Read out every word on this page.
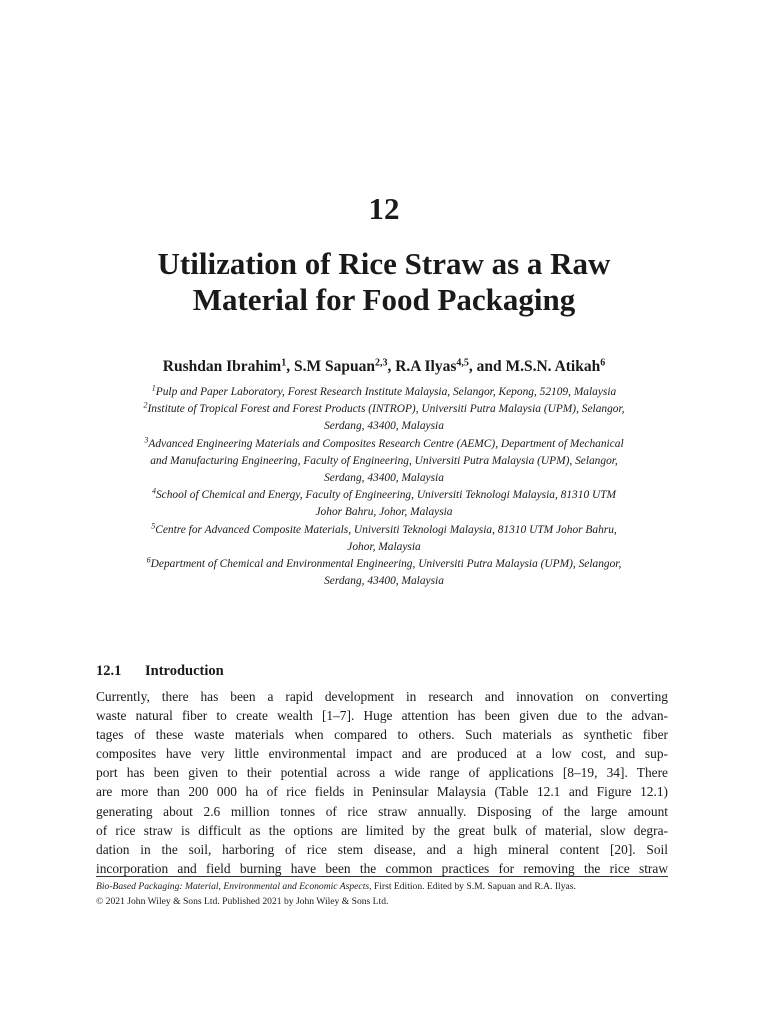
12
Utilization of Rice Straw as a Raw
Material for Food Packaging
Rushdan Ibrahim$^1$, S.M Sapuan$^{2,3}$, R.A Ilyas$^{4,5}$, and M.S.N. Atikah$^6$
$^1$Pulp and Paper Laboratory, Forest Research Institute Malaysia, Selangor, Kepong, 52109, Malaysia
$^2$Institute of Tropical Forest and Forest Products (INTROP), Universiti Putra Malaysia (UPM), Selangor,
Serdang, 43400, Malaysia
$^3$Advanced Engineering Materials and Composites Research Centre (AEMC), Department of Mechanical
and Manufacturing Engineering, Faculty of Engineering, Universiti Putra Malaysia (UPM), Selangor,
Serdang, 43400, Malaysia
$^4$School of Chemical and Energy, Faculty of Engineering, Universiti Teknologi Malaysia, 81310 UTM
Johor Bahru, Johor, Malaysia
$^5$Centre for Advanced Composite Materials, Universiti Teknologi Malaysia, 81310 UTM Johor Bahru,
Johor, Malaysia
$^6$Department of Chemical and Environmental Engineering, Universiti Putra Malaysia (UPM), Selangor,
Serdang, 43400, Malaysia
12.1 Introduction
Currently, there has been a rapid development in research and innovation on converting
waste natural fiber to create wealth [1–7]. Huge attention has been given due to the advan-
tages of these waste materials when compared to others. Such materials as synthetic fiber
composites have very little environmental impact and are produced at a low cost, and sup-
port has been given to their potential across a wide range of applications [8–19, 34]. There
are more than 200 000 ha of rice fields in Peninsular Malaysia (Table 12.1 and Figure 12.1)
generating about 2.6 million tonnes of rice straw annually. Disposing of the large amount
of rice straw is difficult as the options are limited by the great bulk of material, slow degra-
dation in the soil, harboring of rice stem disease, and a high mineral content [20]. Soil
incorporation and field burning have been the common practices for removing the rice straw
Bio-Based Packaging: Material, Environmental and Economic Aspects, First Edition. Edited by S.M. Sapuan and R.A. Ilyas.
© 2021 John Wiley & Sons Ltd. Published 2021 by John Wiley & Sons Ltd.
